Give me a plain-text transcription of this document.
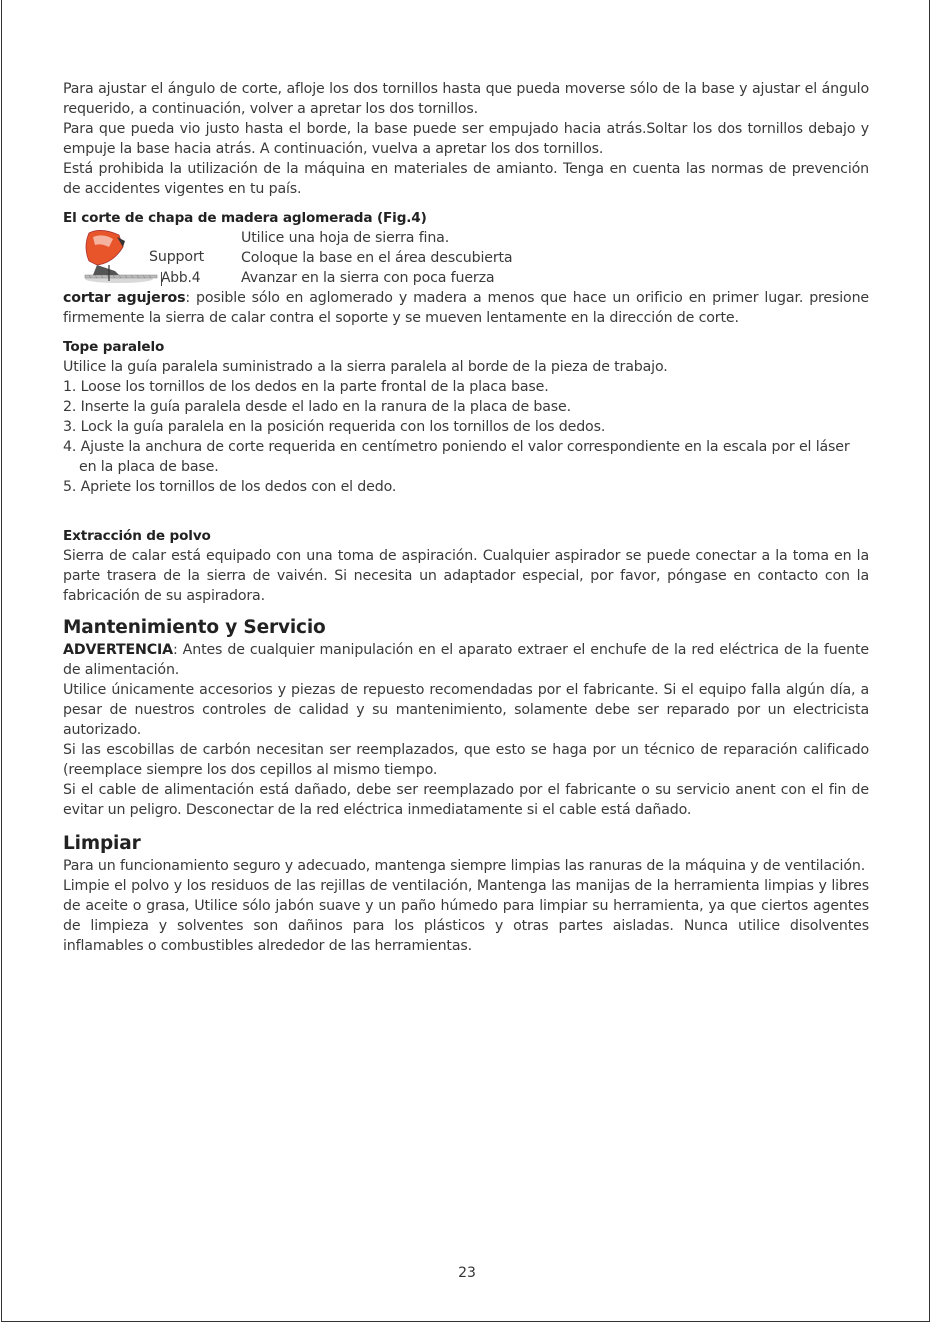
Para ajustar el ángulo de corte, afloje los dos tornillos hasta que pueda moverse sólo de la base y ajustar el ángulo requerido, a continuación, volver a apretar los dos tornillos.

Para que pueda vio justo hasta el borde, la base puede ser empujado hacia atrás.Soltar los dos tornillos debajo y empuje la base hacia atrás. A continuación, vuelva a apretar los dos tornillos.

Está prohibida la utilización de la máquina en materiales de amianto. Tenga en cuenta las normas de prevención de accidentes vigentes en tu país.

El corte de chapa de madera aglomerada (Fig.4)

Support
Abb.4
Utilice una hoja de sierra fina.
Coloque la base en el área descubierta
Avanzar en la sierra con poca fuerza

cortar agujeros: posible sólo en aglomerado y madera a menos que hace un orificio en primer lugar. presione firmemente la sierra de calar contra el soporte y se mueven lentamente en la dirección de corte.

Tope paralelo

Utilice la guía paralela suministrado a la sierra paralela al borde de la pieza de trabajo.

1. Loose los tornillos de los dedos en la parte frontal de la placa base.
2. Inserte la guía paralela desde el lado en la ranura de la placa de base.
3. Lock la guía paralela en la posición requerida con los tornillos de los dedos.
4. Ajuste la anchura de corte requerida en centímetro poniendo el valor correspondiente en la escala por el láser en la placa de base.
5. Apriete los tornillos de los dedos con el dedo.

Extracción de polvo

Sierra de calar está equipado con una toma de aspiración. Cualquier aspirador se puede conectar a la toma en la parte trasera de la sierra de vaivén. Si necesita un adaptador especial, por favor, póngase en contacto con la fabricación de su aspiradora.

Mantenimiento y Servicio

ADVERTENCIA: Antes de cualquier manipulación en el aparato extraer el enchufe de la red eléctrica de la fuente de alimentación.

Utilice únicamente accesorios y piezas de repuesto recomendadas por el fabricante. Si el equipo falla algún día, a pesar de nuestros controles de calidad y su mantenimiento, solamente debe ser reparado por un electricista autorizado.

Si las escobillas de carbón necesitan ser reemplazados, que esto se haga por un técnico de reparación calificado (reemplace siempre los dos cepillos al mismo tiempo.

Si el cable de alimentación está dañado, debe ser reemplazado por el fabricante o su servicio anent con el fin de evitar un peligro. Desconectar de la red eléctrica inmediatamente si el cable está dañado.

Limpiar

Para un funcionamiento seguro y adecuado, mantenga siempre limpias las ranuras de la máquina y de ventilación.

Limpie el polvo y los residuos de las rejillas de ventilación, Mantenga las manijas de la herramienta limpias y libres de aceite o grasa, Utilice sólo jabón suave y un paño húmedo para limpiar su herramienta, ya que ciertos agentes de limpieza y solventes son dañinos para los plásticos y otras partes aisladas. Nunca utilice disolventes inflamables o combustibles alrededor de las herramientas.

23
